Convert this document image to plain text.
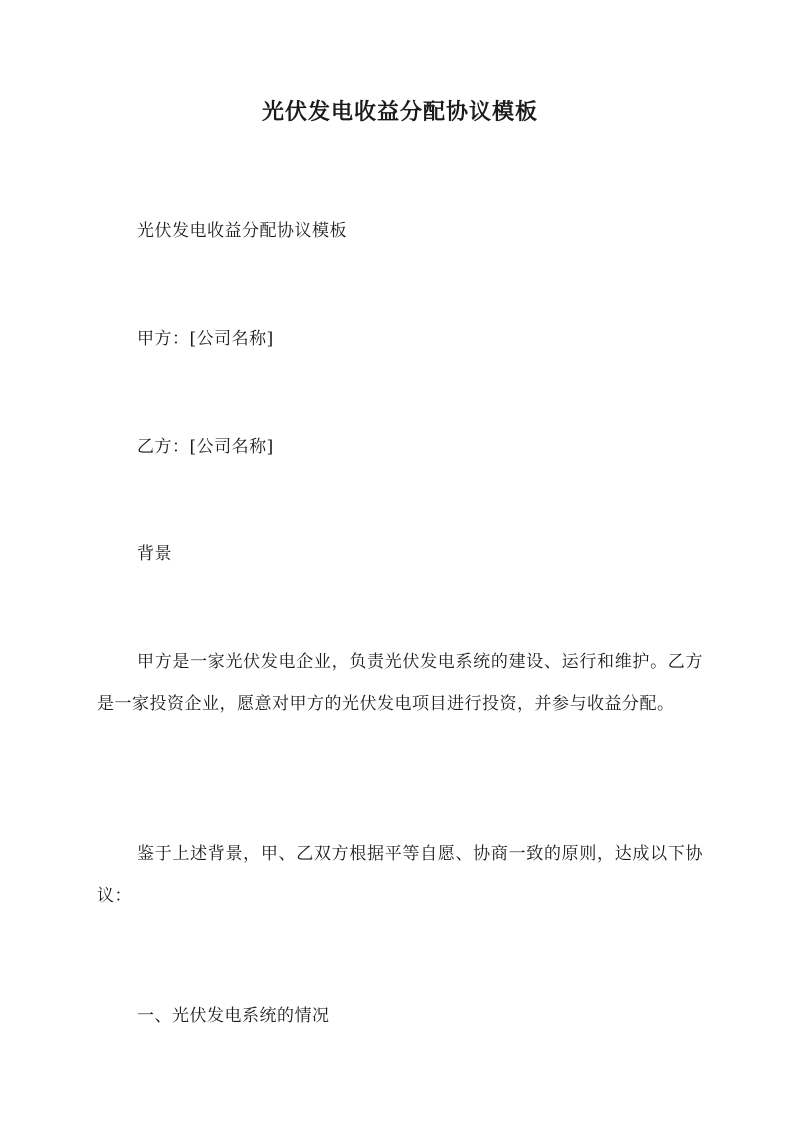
光伏发电收益分配协议模板

光伏发电收益分配协议模板

甲方：[公司名称]

乙方：[公司名称]

背景

甲方是一家光伏发电企业，负责光伏发电系统的建设、运行和维护。乙方是一家投资企业，愿意对甲方的光伏发电项目进行投资，并参与收益分配。

鉴于上述背景，甲、乙双方根据平等自愿、协商一致的原则，达成以下协议：

一、光伏发电系统的情况
